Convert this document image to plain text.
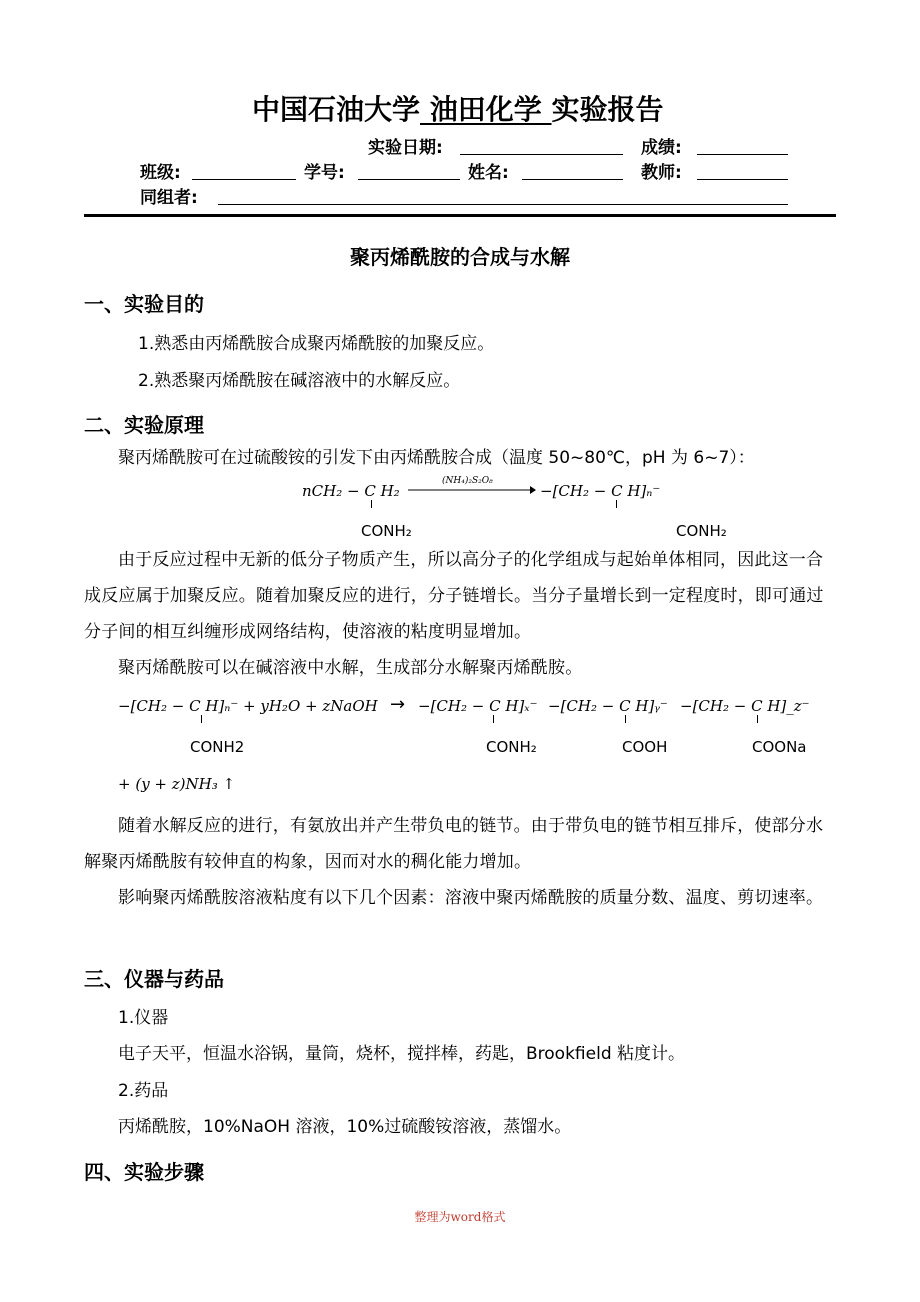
中国石油大学 油田化学 实验报告
实验日期:	成绩:
班级:	学号:	姓名:	教师:
同组者:
聚丙烯酰胺的合成与水解
一、实验目的
1.熟悉由丙烯酰胺合成聚丙烯酰胺的加聚反应。
2.熟悉聚丙烯酰胺在碱溶液中的水解反应。
二、实验原理
聚丙烯酰胺可在过硫酸铵的引发下由丙烯酰胺合成（温度 50~80℃，pH 为 6~7）：
nCH₂ − C H₂
(NH₄)₂S₂O₈
−[CH₂ − C H]ₙ⁻
CONH₂	CONH₂
由于反应过程中无新的低分子物质产生，所以高分子的化学组成与起始单体相同，因此这一合成反应属于加聚反应。随着加聚反应的进行，分子链增长。当分子量增长到一定程度时，即可通过分子间的相互纠缠形成网络结构，使溶液的粘度明显增加。
聚丙烯酰胺可以在碱溶液中水解，生成部分水解聚丙烯酰胺。
−[CH₂ − C H]ₙ⁻ + yH₂O + zNaOH → −[CH₂ − C H]ₓ⁻ −[CH₂ − C H]ᵧ⁻ −[CH₂ − C H]_z⁻
CONH2	CONH₂	COOH	COONa
+ (y + z)NH₃ ↑
随着水解反应的进行，有氨放出并产生带负电的链节。由于带负电的链节相互排斥，使部分水解聚丙烯酰胺有较伸直的构象，因而对水的稠化能力增加。
影响聚丙烯酰胺溶液粘度有以下几个因素：溶液中聚丙烯酰胺的质量分数、温度、剪切速率。
三、仪器与药品
1.仪器
电子天平，恒温水浴锅，量筒，烧杯，搅拌棒，药匙，Brookfield 粘度计。
2.药品
丙烯酰胺，10%NaOH 溶液，10%过硫酸铵溶液，蒸馏水。
四、实验步骤
整理为word格式
